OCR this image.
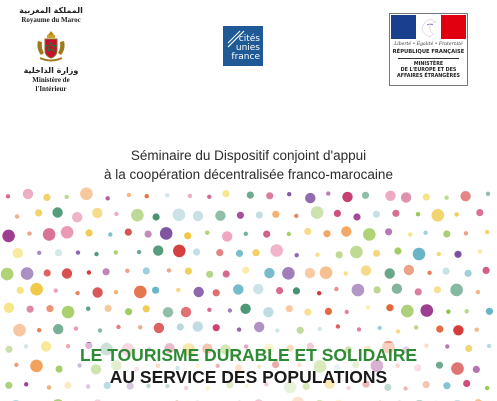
المملكة المغربية
Royaume du Maroc
وزارة الداخلية
Ministère de l'Intérieur
cités
unies
france
Liberté • Égalité • Fraternité
RÉPUBLIQUE FRANÇAISE
MINISTÈRE
DE L'EUROPE ET DES
AFFAIRES ÉTRANGÈRES
Séminaire du Dispositif conjoint d'appui
à la coopération décentralisée franco-marocaine
LE TOURISME DURABLE ET SOLIDAIRE
AU SERVICE DES POPULATIONS
